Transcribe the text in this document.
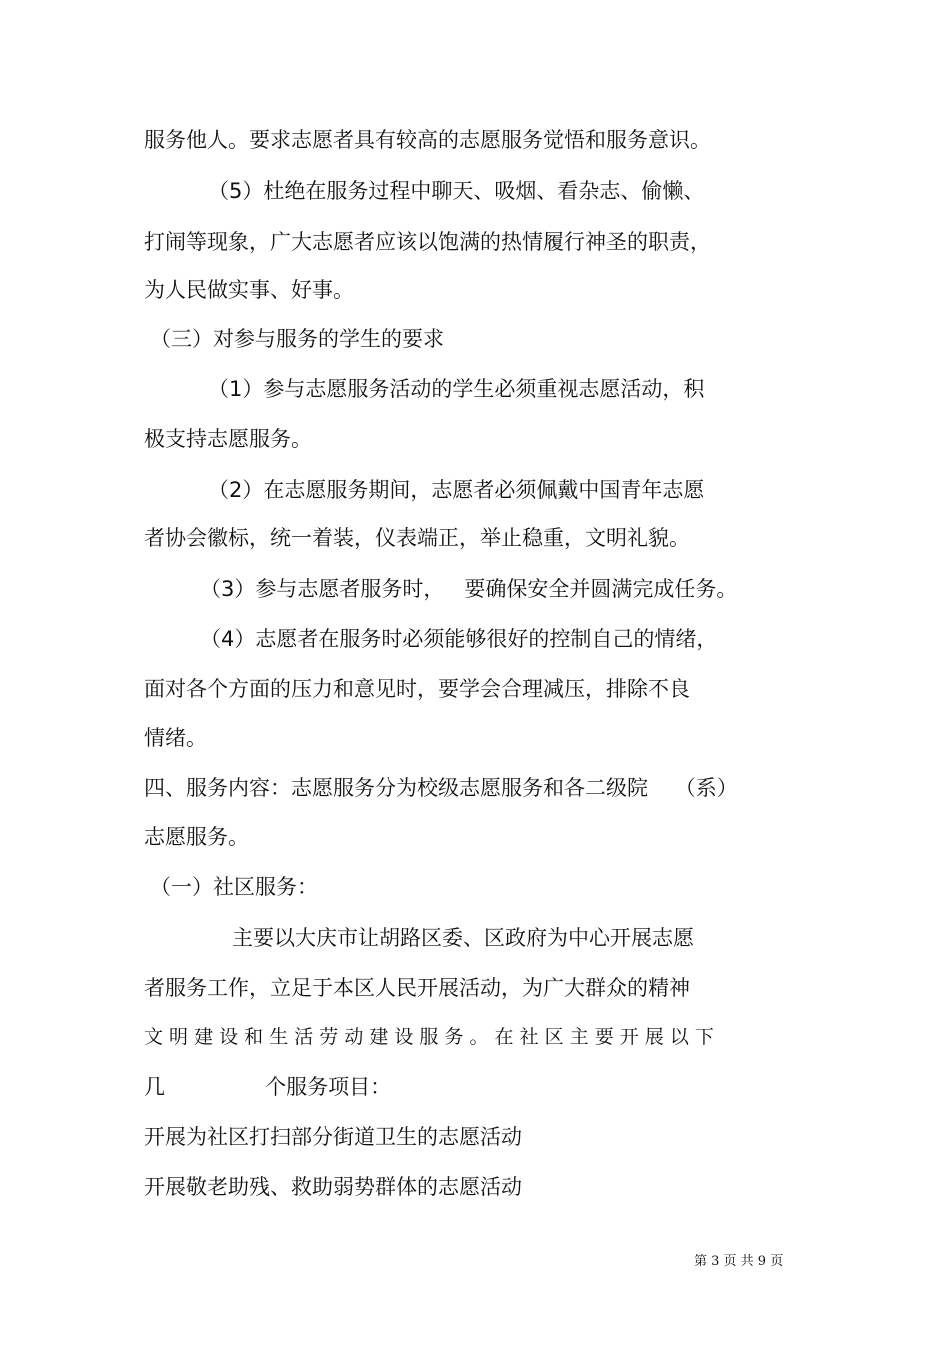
服务他人。要求志愿者具有较高的志愿服务觉悟和服务意识。

（5）杜绝在服务过程中聊天、吸烟、看杂志、偷懒、

打闹等现象，广大志愿者应该以饱满的热情履行神圣的职责，

为人民做实事、好事。

（三）对参与服务的学生的要求

（1）参与志愿服务活动的学生必须重视志愿活动，积

极支持志愿服务。

（2）在志愿服务期间，志愿者必须佩戴中国青年志愿

者协会徽标，统一着装，仪表端正，举止稳重，文明礼貌。

（3）参与志愿者服务时，   要确保安全并圆满完成任务。

（4）志愿者在服务时必须能够很好的控制自己的情绪，

面对各个方面的压力和意见时，要学会合理减压，排除不良

情绪。

四、服务内容：志愿服务分为校级志愿服务和各二级院    （系）

志愿服务。

（一）社区服务：

主要以大庆市让胡路区委、区政府为中心开展志愿

者服务工作，立足于本区人民开展活动，为广大群众的精神

文 明 建 设 和 生 活 劳 动 建 设 服 务 。 在 社 区 主 要 开 展 以 下

几               个服务项目：

开展为社区打扫部分街道卫生的志愿活动

开展敬老助残、救助弱势群体的志愿活动

第 3 页 共 9 页
